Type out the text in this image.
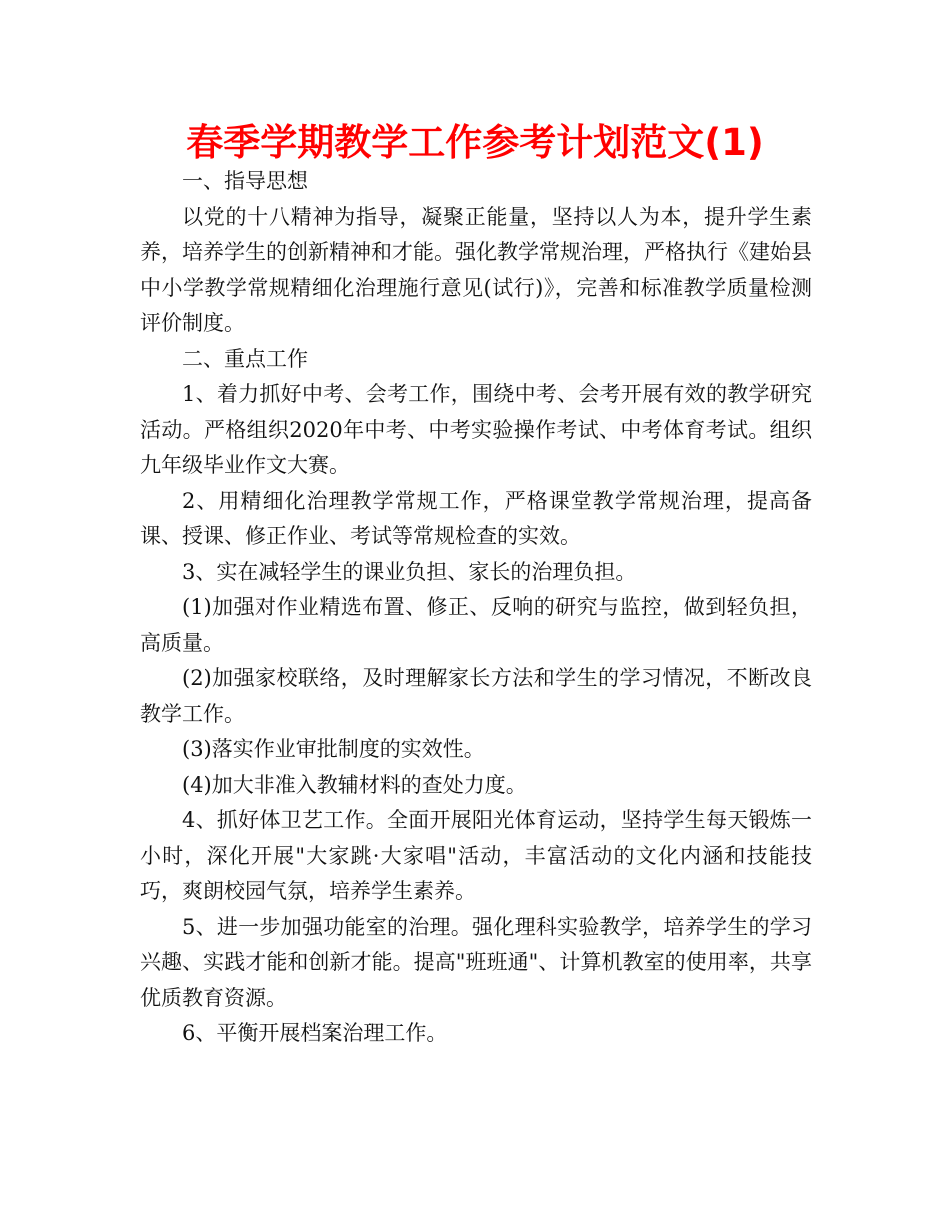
春季学期教学工作参考计划范文(1)

一、指导思想

以党的十八精神为指导，凝聚正能量，坚持以人为本，提升学生素养，培养学生的创新精神和才能。强化教学常规治理，严格执行《建始县中小学教学常规精细化治理施行意见(试行)》，完善和标准教学质量检测评价制度。

二、重点工作

1、着力抓好中考、会考工作，围绕中考、会考开展有效的教学研究活动。严格组织2020年中考、中考实验操作考试、中考体育考试。组织九年级毕业作文大赛。

2、用精细化治理教学常规工作，严格课堂教学常规治理，提高备课、授课、修正作业、考试等常规检查的实效。

3、实在减轻学生的课业负担、家长的治理负担。

(1)加强对作业精选布置、修正、反响的研究与监控，做到轻负担，高质量。

(2)加强家校联络，及时理解家长方法和学生的学习情况，不断改良教学工作。

(3)落实作业审批制度的实效性。

(4)加大非准入教辅材料的查处力度。

4、抓好体卫艺工作。全面开展阳光体育运动，坚持学生每天锻炼一小时，深化开展"大家跳·大家唱"活动，丰富活动的文化内涵和技能技巧，爽朗校园气氛，培养学生素养。

5、进一步加强功能室的治理。强化理科实验教学，培养学生的学习兴趣、实践才能和创新才能。提高"班班通"、计算机教室的使用率，共享优质教育资源。

6、平衡开展档案治理工作。
